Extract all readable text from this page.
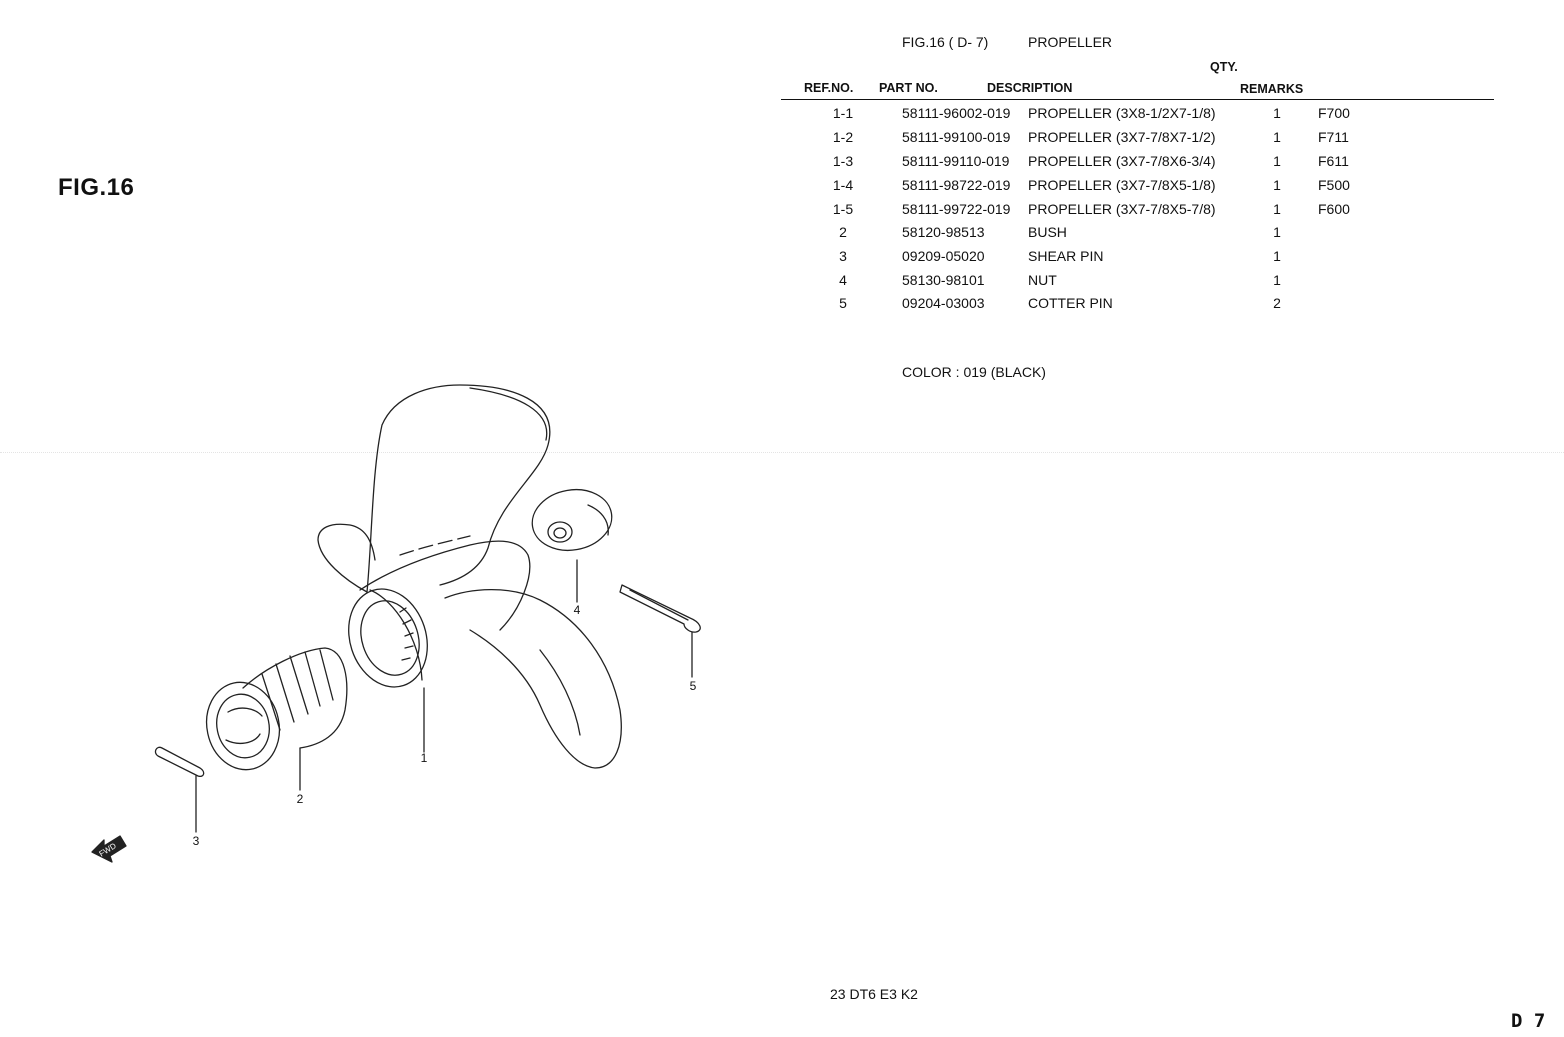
FIG.16
FIG.16 ( D- 7)	PROPELLER
QTY.
REF.NO. PART NO.	DESCRIPTION	REMARKS
1-1	58111-96002-019 PROPELLER (3X8-1/2X7-1/8)	1	F700
1-2	58111-99100-019 PROPELLER (3X7-7/8X7-1/2)	1	F711
1-3	58111-99110-019 PROPELLER (3X7-7/8X6-3/4)	1	F611
1-4	58111-98722-019 PROPELLER (3X7-7/8X5-1/8)	1	F500
1-5	58111-99722-019 PROPELLER (3X7-7/8X5-7/8)	1	F600
2	58120-98513	BUSH	1
3	09209-05020	SHEAR PIN	1
4	58130-98101	NUT	1
5	09204-03003	COTTER PIN	2
COLOR : 019 (BLACK)
1
2
3
4
5
FWD
23 DT6 E3 K2
D 7
